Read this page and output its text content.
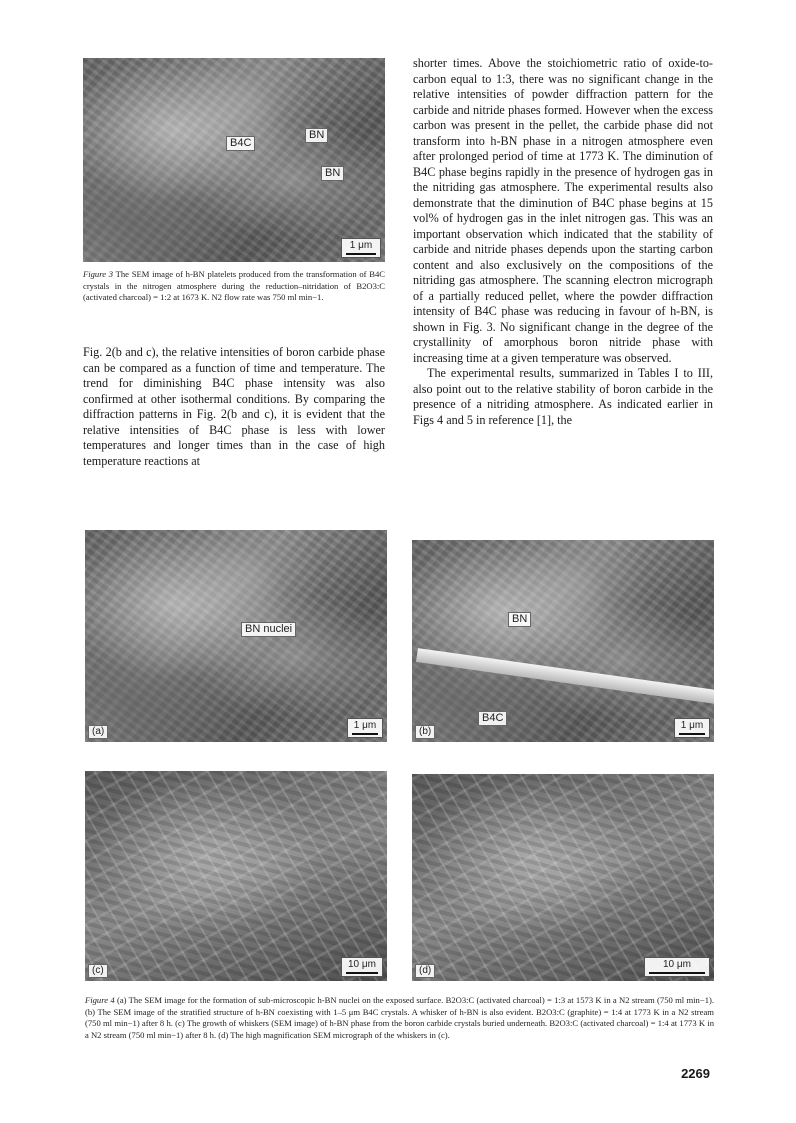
B4C
BN
BN
1 μm
Figure 3 The SEM image of h-BN platelets produced from the transformation of B4C crystals in the nitrogen atmosphere during the reduction–nitridation of B2O3:C (activated charcoal) = 1:2 at 1673 K. N2 flow rate was 750 ml min−1.

Fig. 2(b and c), the relative intensities of boron carbide phase can be compared as a function of time and temperature. The trend for diminishing B4C phase intensity was also confirmed at other isothermal conditions. By comparing the diffraction patterns in Fig. 2(b and c), it is evident that the relative intensities of B4C phase is less with lower temperatures and longer times than in the case of high temperature reactions at

shorter times. Above the stoichiometric ratio of oxide-to-carbon equal to 1:3, there was no significant change in the relative intensities of powder diffraction pattern for the carbide and nitride phases formed. However when the excess carbon was present in the pellet, the carbide phase did not transform into h-BN phase in a nitrogen atmosphere even after prolonged period of time at 1773 K. The diminution of B4C phase begins rapidly in the presence of hydrogen gas in the nitriding gas atmosphere. The experimental results also demonstrate that the diminution of B4C phase begins at 15 vol% of hydrogen gas in the inlet nitrogen gas. This was an important observation which indicated that the stability of carbide and nitride phases depends upon the starting carbon content and also exclusively on the compositions of the nitriding gas atmosphere. The scanning electron micrograph of a partially reduced pellet, where the powder diffraction intensity of B4C phase was reducing in favour of h-BN, is shown in Fig. 3. No significant change in the degree of the crystallinity of amorphous boron nitride phase with increasing time at a given temperature was observed.

The experimental results, summarized in Tables I to III, also point out to the relative stability of boron carbide in the presence of a nitriding atmosphere. As indicated earlier in Figs 4 and 5 in reference [1], the

BN nuclei
(a)
1 μm
BN
B4C
(b)
1 μm
(c)
10 μm
(d)
10 μm
Figure 4 (a) The SEM image for the formation of sub-microscopic h-BN nuclei on the exposed surface. B2O3:C (activated charcoal) = 1:3 at 1573 K in a N2 stream (750 ml min−1). (b) The SEM image of the stratified structure of h-BN coexisting with 1–5 μm B4C crystals. A whisker of h-BN is also evident. B2O3:C (graphite) = 1:4 at 1773 K in a N2 stream (750 ml min−1) after 8 h. (c) The growth of whiskers (SEM image) of h-BN phase from the boron carbide crystals buried underneath. B2O3:C (activated charcoal) = 1:4 at 1773 K in a N2 stream (750 ml min−1) after 8 h. (d) The high magnification SEM micrograph of the whiskers in (c).
2269
